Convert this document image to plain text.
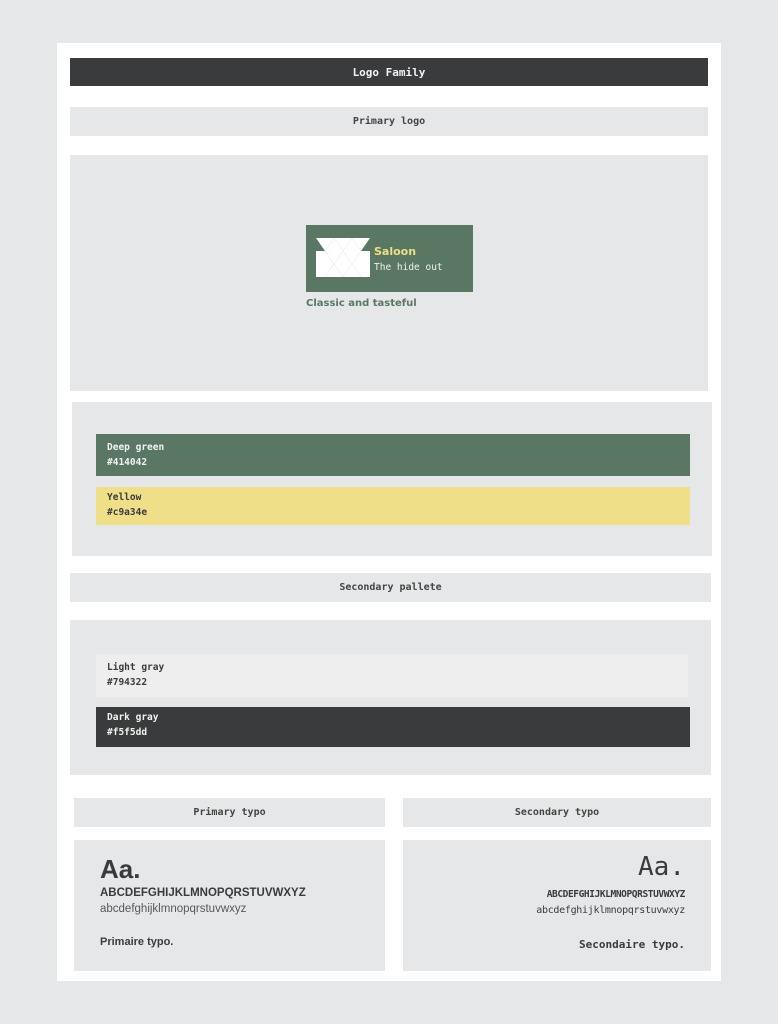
Logo Family
Primary logo
Saloon
The hide out
Classic and tasteful
Deep green
#414042
Yellow
#c9a34e
Secondary pallete
Light gray
#794322
Dark gray
#f5f5dd
Primary typo	Secondary typo
Aa.
ABCDEFGHIJKLMNOPQRSTUVWXYZ
abcdefghijklmnopqrstuvwxyz
Primaire typo.
Aa.
ABCDEFGHIJKLMNOPQRSTUVWXYZ
abcdefghijklmnopqrstuvwxyz
Secondaire typo.
